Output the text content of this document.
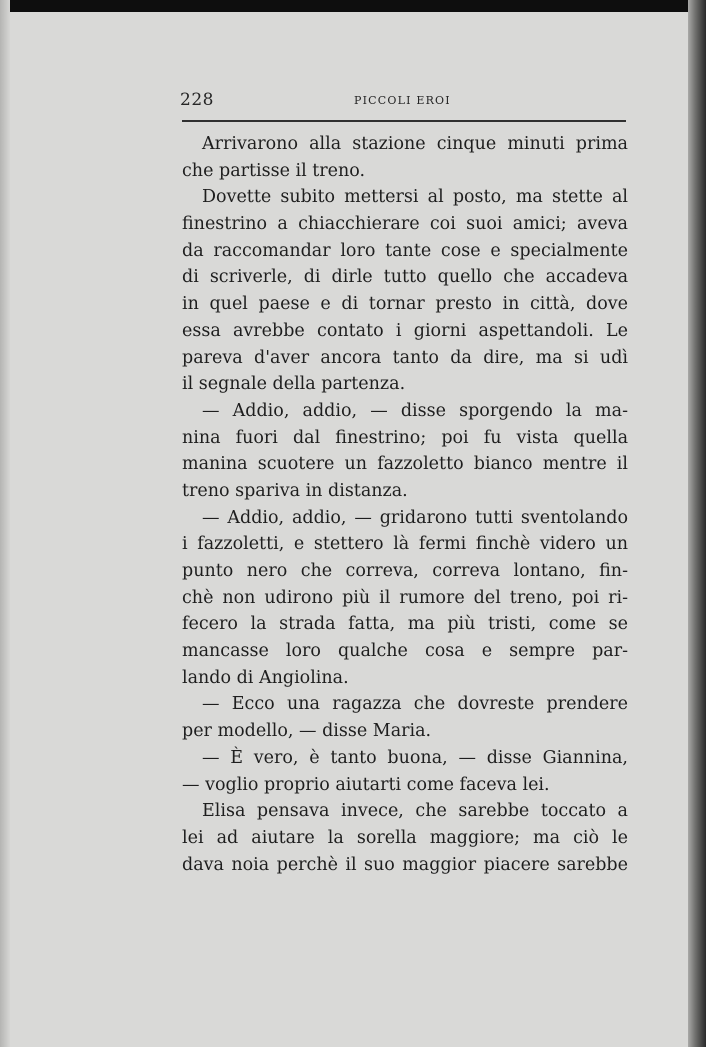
228	PICCOLI EROI
Arrivarono alla stazione cinque minuti prima
che partisse il treno.
Dovette subito mettersi al posto, ma stette al
finestrino a chiacchierare coi suoi amici; aveva
da raccomandar loro tante cose e specialmente
di scriverle, di dirle tutto quello che accadeva
in quel paese e di tornar presto in città, dove
essa avrebbe contato i giorni aspettandoli. Le
pareva d'aver ancora tanto da dire, ma si udì
il segnale della partenza.
— Addio, addio, — disse sporgendo la ma-
nina fuori dal finestrino; poi fu vista quella
manina scuotere un fazzoletto bianco mentre il
treno spariva in distanza.
— Addio, addio, — gridarono tutti sventolando
i fazzoletti, e stettero là fermi finchè videro un
punto nero che correva, correva lontano, fin-
chè non udirono più il rumore del treno, poi ri-
fecero la strada fatta, ma più tristi, come se
mancasse loro qualche cosa e sempre par-
lando di Angiolina.
— Ecco una ragazza che dovreste prendere
per modello, — disse Maria.
— È vero, è tanto buona, — disse Giannina,
— voglio proprio aiutarti come faceva lei.
Elisa pensava invece, che sarebbe toccato a
lei ad aiutare la sorella maggiore; ma ciò le
dava noia perchè il suo maggior piacere sarebbe
